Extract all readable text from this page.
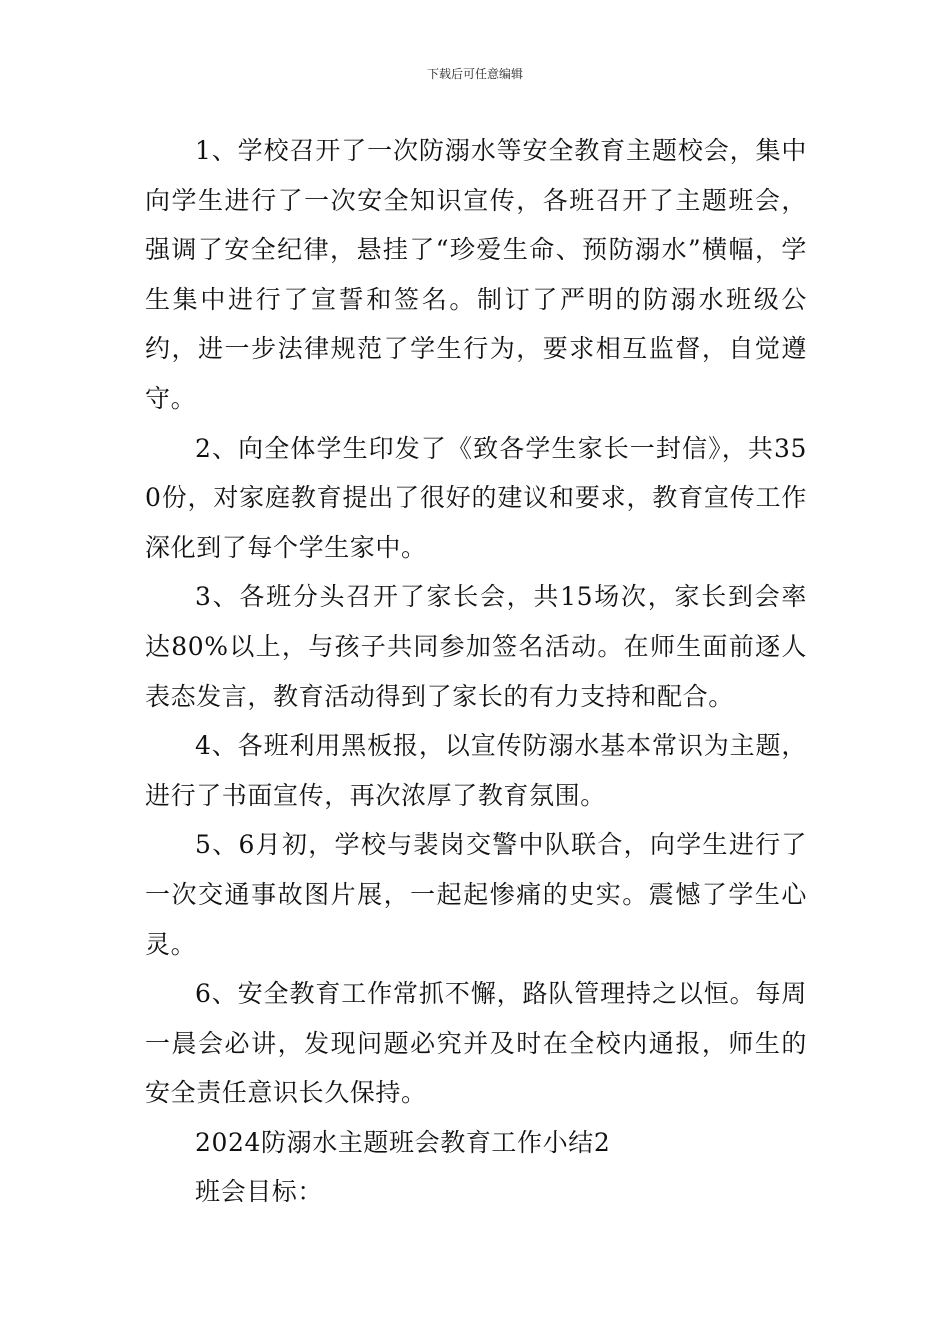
下载后可任意编辑

1、学校召开了一次防溺水等安全教育主题校会，集中向学生进行了一次安全知识宣传，各班召开了主题班会，强调了安全纪律，悬挂了“珍爱生命、预防溺水”横幅，学生集中进行了宣誓和签名。制订了严明的防溺水班级公约，进一步法律规范了学生行为，要求相互监督，自觉遵守。

2、向全体学生印发了《致各学生家长一封信》，共350份，对家庭教育提出了很好的建议和要求，教育宣传工作深化到了每个学生家中。

3、各班分头召开了家长会，共15场次，家长到会率达80%以上，与孩子共同参加签名活动。在师生面前逐人表态发言，教育活动得到了家长的有力支持和配合。

4、各班利用黑板报，以宣传防溺水基本常识为主题，进行了书面宣传，再次浓厚了教育氛围。

5、6月初，学校与裴岗交警中队联合，向学生进行了一次交通事故图片展，一起起惨痛的史实。震憾了学生心灵。

6、安全教育工作常抓不懈，路队管理持之以恒。每周一晨会必讲，发现问题必究并及时在全校内通报，师生的安全责任意识长久保持。

2024防溺水主题班会教育工作小结2

班会目标：
